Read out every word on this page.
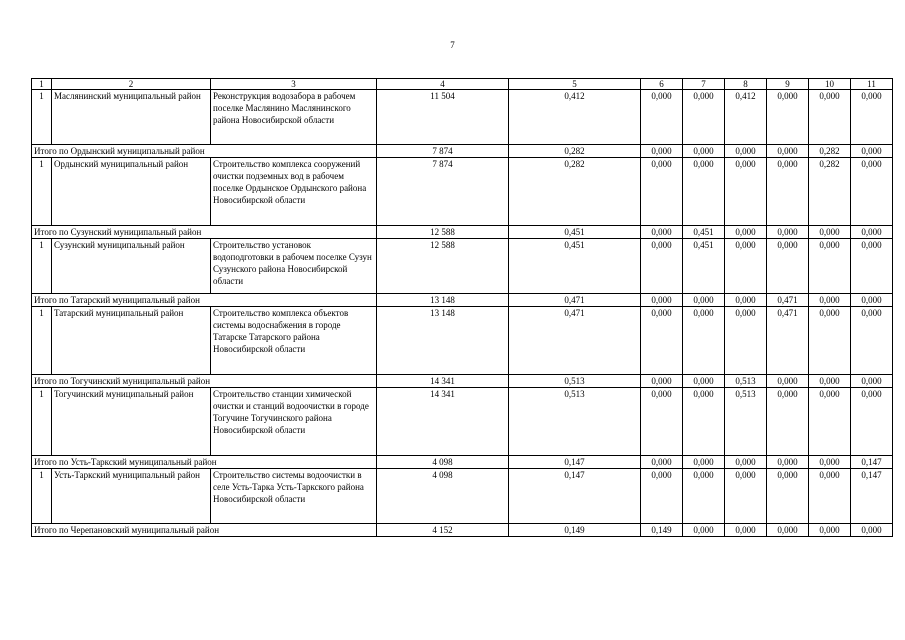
7
1	2	3	4	5	6	7	8	9	10	11
1	Маслянинский муниципальный район	Реконструкция водозабора в рабочем поселке Маслянино Маслянинского района Новосибирской области	11 504	0,412	0,000	0,000	0,412	0,000	0,000	0,000
Итого по Ордынский муниципальный район			7 874	0,282	0,000	0,000	0,000	0,000	0,282	0,000
1	Ордынский муниципальный район	Строительство комплекса сооружений очистки подземных вод в рабочем поселке Ордынское Ордынского района Новосибирской области	7 874	0,282	0,000	0,000	0,000	0,000	0,282	0,000
Итого по Сузунский муниципальный район			12 588	0,451	0,000	0,451	0,000	0,000	0,000	0,000
1	Сузунский муниципальный район	Строительство установок водоподготовки в рабочем поселке Сузун Сузунского района Новосибирской области	12 588	0,451	0,000	0,451	0,000	0,000	0,000	0,000
Итого по Татарский муниципальный район			13 148	0,471	0,000	0,000	0,000	0,471	0,000	0,000
1	Татарский муниципальный район	Строительство комплекса объектов системы водоснабжения в городе Татарске Татарского района Новосибирской области	13 148	0,471	0,000	0,000	0,000	0,471	0,000	0,000
Итого по Тогучинский муниципальный район			14 341	0,513	0,000	0,000	0,513	0,000	0,000	0,000
1	Тогучинский муниципальный район	Строительство станции химической очистки и станций водоочистки в городе Тогучине Тогучинского района Новосибирской области	14 341	0,513	0,000	0,000	0,513	0,000	0,000	0,000
Итого по Усть-Таркский муниципальный район			4 098	0,147	0,000	0,000	0,000	0,000	0,000	0,147
1	Усть-Таркский муниципальный район	Строительство системы водоочистки в селе Усть-Тарка Усть-Таркского района Новосибирской области	4 098	0,147	0,000	0,000	0,000	0,000	0,000	0,147
Итого по Черепановский муниципальный район			4 152	0,149	0,149	0,000	0,000	0,000	0,000	0,000
